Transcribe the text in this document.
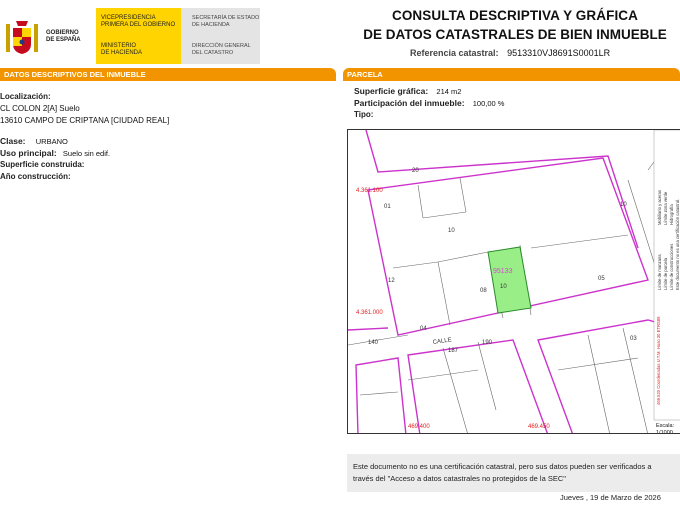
GOBIERNO
DE ESPAÑA
VICEPRESIDENCIA
PRIMERA DEL GOBIERNO
MINISTERIO
DE HACIENDA
SECRETARÍA DE ESTADO
DE HACIENDA
DIRECCIÓN GENERAL
DEL CATASTRO
CONSULTA DESCRIPTIVA Y GRÁFICA
DE DATOS CATASTRALES DE BIEN INMUEBLE
Referencia catastral: 9513310VJ8691S0001LR
DATOS DESCRIPTIVOS DEL INMUEBLE
Localización:
CL COLON 2[A] Suelo
13610 CAMPO DE CRIPTANA [CIUDAD REAL]
Clase: URBANO
Uso principal: Suelo sin edif.
Superficie construida:
Año construcción:
PARCELA
Superficie gráfica: 214 m2
Participación del inmueble: 100,00 %
Tipo:
4.361.100
4.361.000
469.400	469.450
20
01
05
08
10
04
10
190
187
140
12
03
95133
10
CALLE
Límite de manzana Límite de parcela Límite de construcciones
Mobiliario y aceras Límite zona verde Hidrografía Este documento no es una certificación catastral.
469.520 Coordenadas U.T.M. Huso 30 ETRS89
Escala:
1/1000
Este documento no es una certificación catastral, pero sus datos pueden ser verificados a través del "Acceso a datos catastrales no protegidos de la SEC"
Jueves , 19 de Marzo de 2026
